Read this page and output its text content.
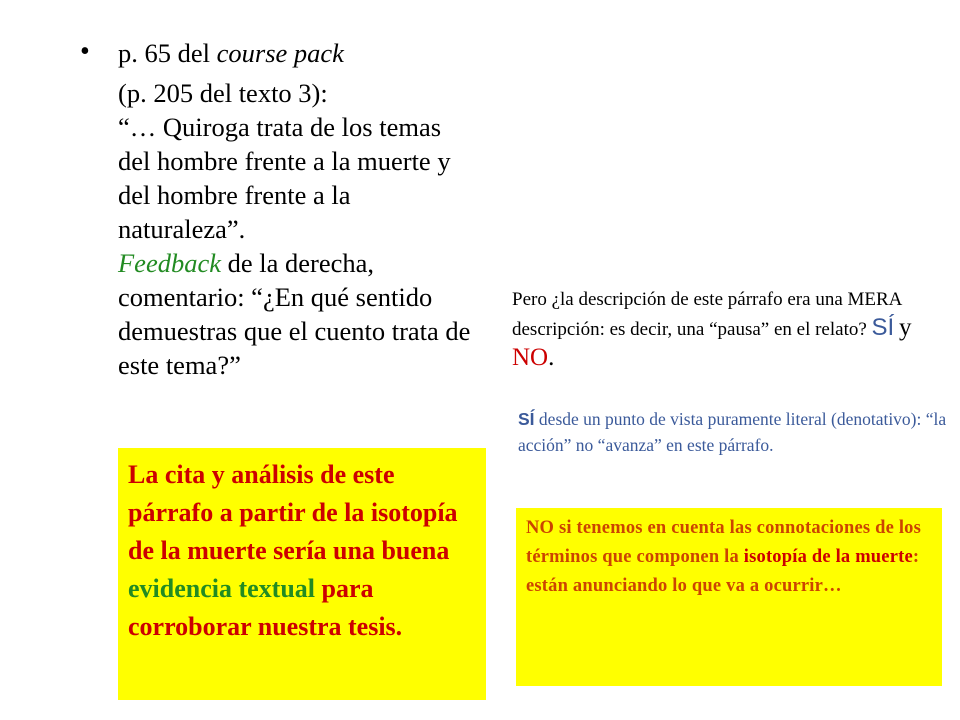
• p. 65 del course pack

(p. 205 del texto 3):

“… Quiroga trata de los temas del hombre frente a la muerte y del hombre frente a la naturaleza”.

Feedback de la derecha, comentario: “¿En qué sentido demuestras que el cuento trata de este tema?”

La cita y análisis de este párrafo a partir de la isotopía de la muerte sería una buena evidencia textual para corroborar nuestra tesis.
Pero ¿la descripción de este párrafo era una MERA descripción: es decir, una “pausa” en el relato? SÍ y NO.
SÍ desde un punto de vista puramente literal (denotativo): “la acción” no “avanza” en este párrafo.
NO si tenemos en cuenta las connotaciones de los términos que componen la isotopía de la muerte: están anunciando lo que va a ocurrir…
